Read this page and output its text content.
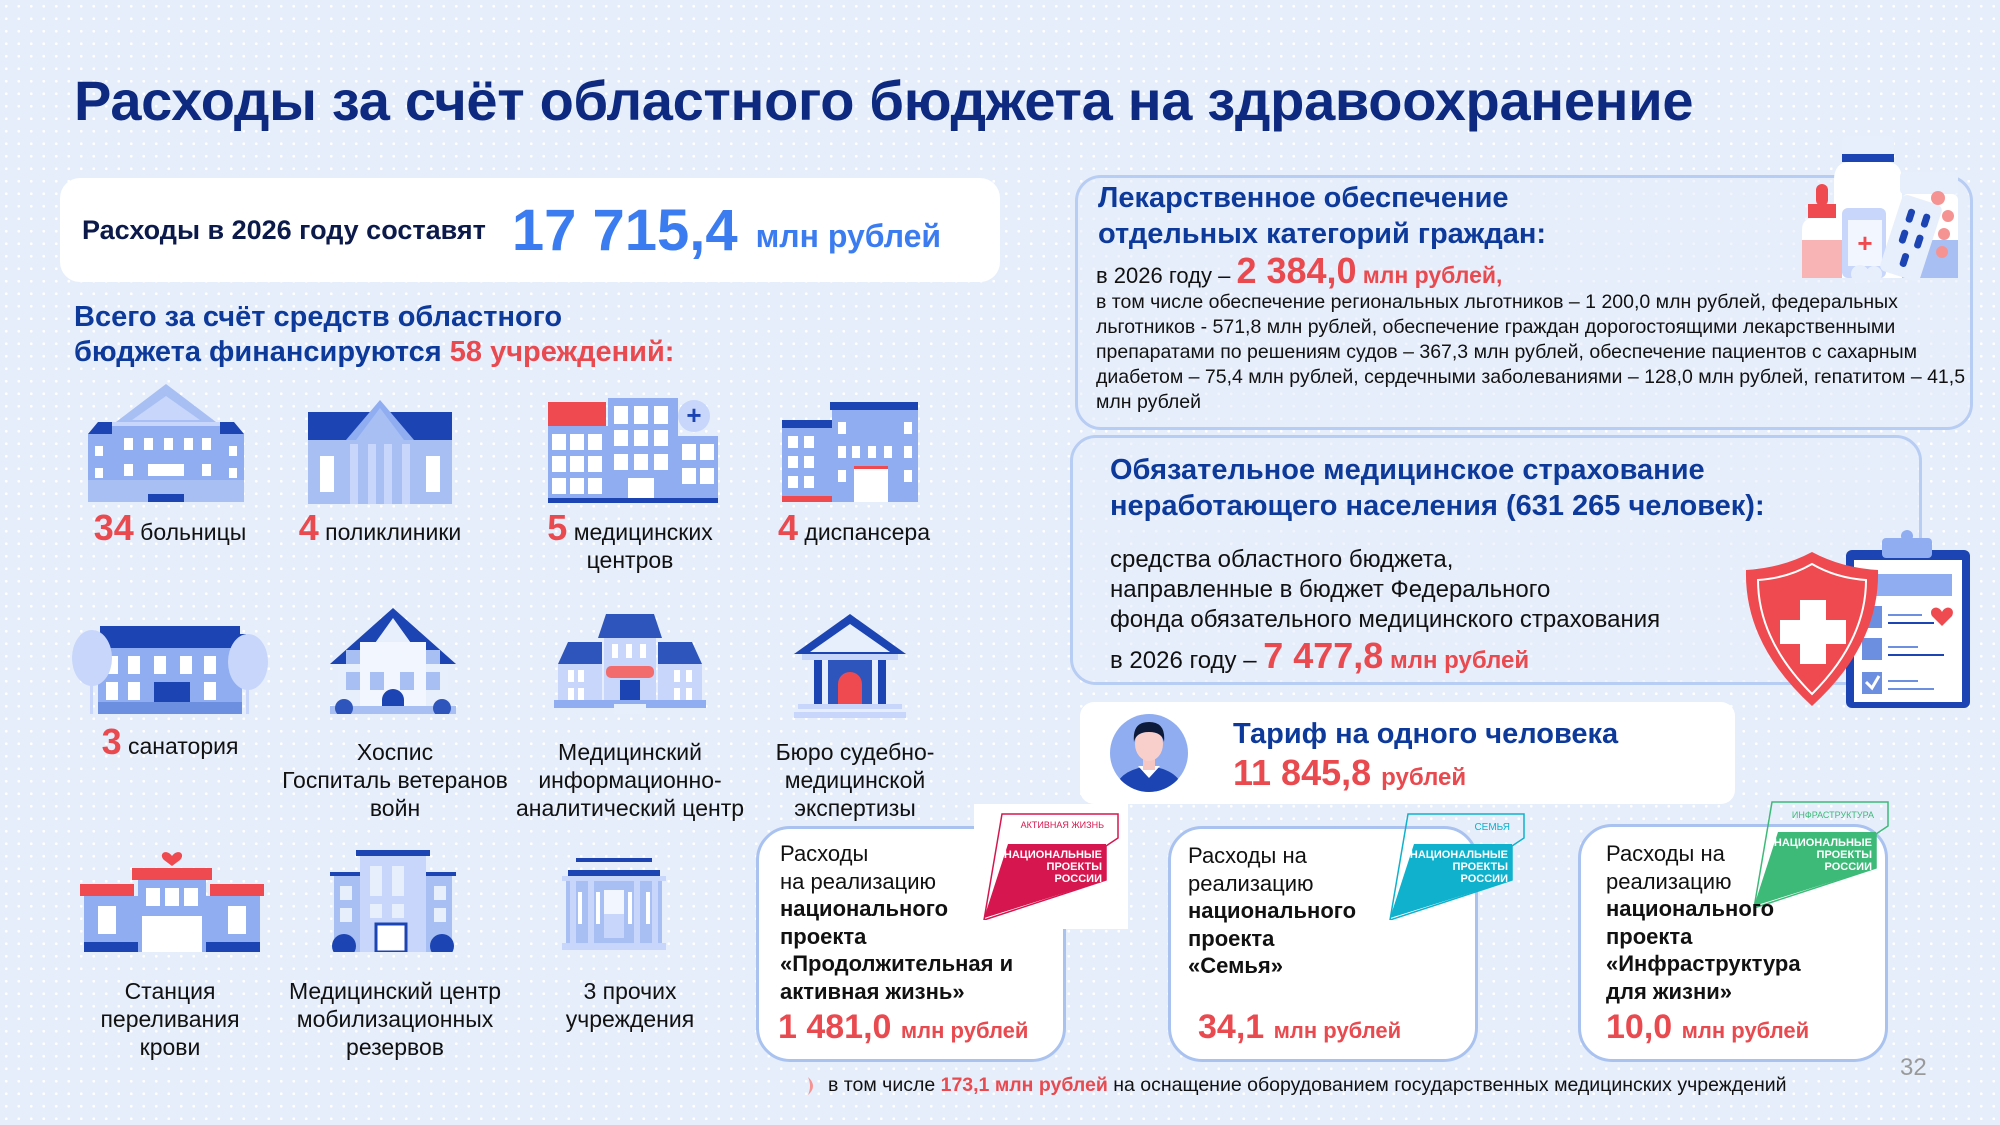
Расходы за счёт областного бюджета на здравоохранение
Расходы в 2026 году составят 17 715,4 млн рублей
Всего за счёт средств областного
бюджета финансируются 58 учреждений:
+
34 больницы	4 поликлиники	5 медицинских
центров
4 диспансера
3 санатория	Хоспис
Госпиталь ветеранов
войн
Медицинский
информационно-
аналитический центр
Бюро судебно-
медицинской
экспертизы
Станция
переливания
крови
Медицинский центр
мобилизационных
резервов
3 прочих
учреждения
Лекарственное обеспечение
отдельных категорий граждан:
в 2026 году – 2 384,0 млн рублей,
в том числе обеспечение региональных льготников – 1 200,0 млн рублей, федеральных льготников - 571,8 млн рублей, обеспечение граждан дорогостоящими лекарственными препаратами по решениям судов – 367,3 млн рублей, обеспечение пациентов с сахарным диабетом – 75,4 млн рублей, сердечными заболеваниями – 128,0 млн рублей, гепатитом – 41,5 млн рублей
+
Обязательное медицинское страхование
неработающего населения (631 265 человек):
средства областного бюджета,
направленные в бюджет Федерального
фонда обязательного медицинского страхования
в 2026 году – 7 477,8 млн рублей
Тариф на одного человека
11 845,8 рублей
АКТИВНАЯ ЖИЗНЬ
НАЦИОНАЛЬНЫЕ
ПРОЕКТЫ
РОССИИ
Расходы
на реализацию
национального
проекта
«Продолжительная и
активная жизнь»
1 481,0 млн рублей
СЕМЬЯ
НАЦИОНАЛЬНЫЕ
ПРОЕКТЫ
РОССИИ
Расходы на
реализацию
национального
проекта
«Семья»
34,1 млн рублей
ИНФРАСТРУКТУРА
НАЦИОНАЛЬНЫЕ
ПРОЕКТЫ
РОССИИ
Расходы на
реализацию
национального
проекта
«Инфраструктура
для жизни»
10,0 млн рублей
в том числе 173,1 млн рублей на оснащение оборудованием государственных медицинских учреждений
32
